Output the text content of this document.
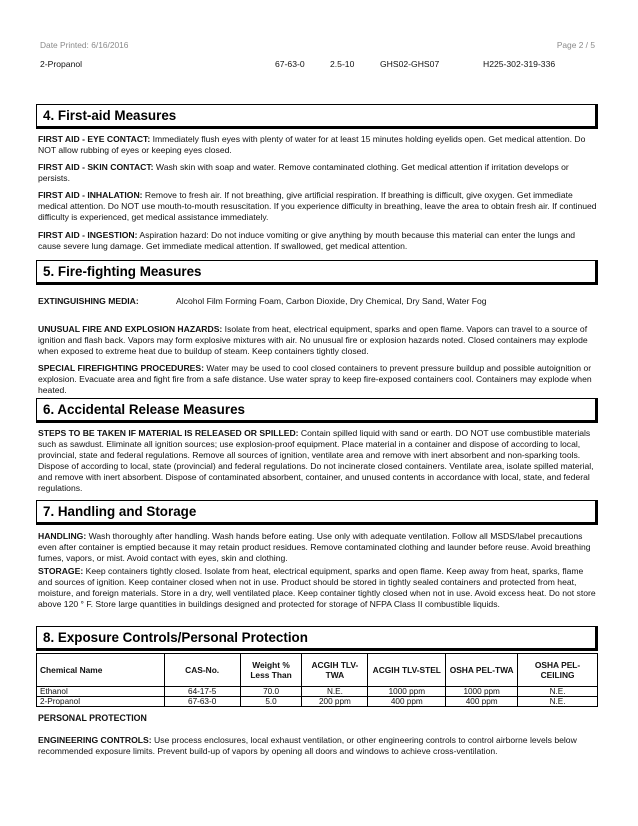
Date Printed: 6/16/2016	Page 2 / 5
2-Propanol	67-63-0	2.5-10	GHS02-GHS07	H225-302-319-336
4. First-aid Measures
FIRST AID - EYE CONTACT: Immediately flush eyes with plenty of water for at least 15 minutes holding eyelids open. Get medical attention. Do NOT allow rubbing of eyes or keeping eyes closed.
FIRST AID - SKIN CONTACT: Wash skin with soap and water. Remove contaminated clothing. Get medical attention if irritation develops or persists.
FIRST AID - INHALATION: Remove to fresh air. If not breathing, give artificial respiration. If breathing is difficult, give oxygen. Get immediate medical attention. Do NOT use mouth-to-mouth resuscitation. If you experience difficulty in breathing, leave the area to obtain fresh air. If continued difficulty is experienced, get medical assistance immediately.
FIRST AID - INGESTION: Aspiration hazard: Do not induce vomiting or give anything by mouth because this material can enter the lungs and cause severe lung damage. Get immediate medical attention. If swallowed, get medical attention.
5. Fire-fighting Measures
EXTINGUISHING MEDIA:	Alcohol Film Forming Foam, Carbon Dioxide, Dry Chemical, Dry Sand, Water Fog
UNUSUAL FIRE AND EXPLOSION HAZARDS: Isolate from heat, electrical equipment, sparks and open flame. Vapors can travel to a source of ignition and flash back. Vapors may form explosive mixtures with air. No unusual fire or explosion hazards noted. Closed containers may explode when exposed to extreme heat due to buildup of steam. Keep containers tightly closed.
SPECIAL FIREFIGHTING PROCEDURES: Water may be used to cool closed containers to prevent pressure buildup and possible autoignition or explosion. Evacuate area and fight fire from a safe distance. Use water spray to keep fire-exposed containers cool. Containers may explode when heated.
6. Accidental Release Measures
STEPS TO BE TAKEN IF MATERIAL IS RELEASED OR SPILLED: Contain spilled liquid with sand or earth. DO NOT use combustible materials such as sawdust. Eliminate all ignition sources; use explosion-proof equipment. Place material in a container and dispose of according to local, provincial, state and federal regulations. Remove all sources of ignition, ventilate area and remove with inert absorbent and non-sparking tools. Dispose of according to local, state (provincial) and federal regulations. Do not incinerate closed containers. Ventilate area, isolate spilled material, and remove with inert absorbent. Dispose of contaminated absorbent, container, and unused contents in accordance with local, state, and federal regulations.
7. Handling and Storage
HANDLING: Wash thoroughly after handling. Wash hands before eating. Use only with adequate ventilation. Follow all MSDS/label precautions even after container is emptied because it may retain product residues. Remove contaminated clothing and launder before reuse. Avoid breathing fumes, vapors, or mist. Avoid contact with eyes, skin and clothing.
STORAGE: Keep containers tightly closed. Isolate from heat, electrical equipment, sparks and open flame. Keep away from heat, sparks, flame and sources of ignition. Keep container closed when not in use. Product should be stored in tightly sealed containers and protected from heat, moisture, and foreign materials. Store in a dry, well ventilated place. Keep container tightly closed when not in use. Avoid excess heat. Do not store above 120 ° F. Store large quantities in buildings designed and protected for storage of NFPA Class II combustible liquids.
8. Exposure Controls/Personal Protection
Chemical Name	CAS-No.	Weight % Less Than	ACGIH TLV-TWA	ACGIH TLV-STEL	OSHA PEL-TWA	OSHA PEL-CEILING
Ethanol	64-17-5	70.0	N.E.	1000 ppm	1000 ppm	N.E.
2-Propanol	67-63-0	5.0	200 ppm	400 ppm	400 ppm	N.E.
PERSONAL PROTECTION
ENGINEERING CONTROLS: Use process enclosures, local exhaust ventilation, or other engineering controls to control airborne levels below recommended exposure limits. Prevent build-up of vapors by opening all doors and windows to achieve cross-ventilation.
